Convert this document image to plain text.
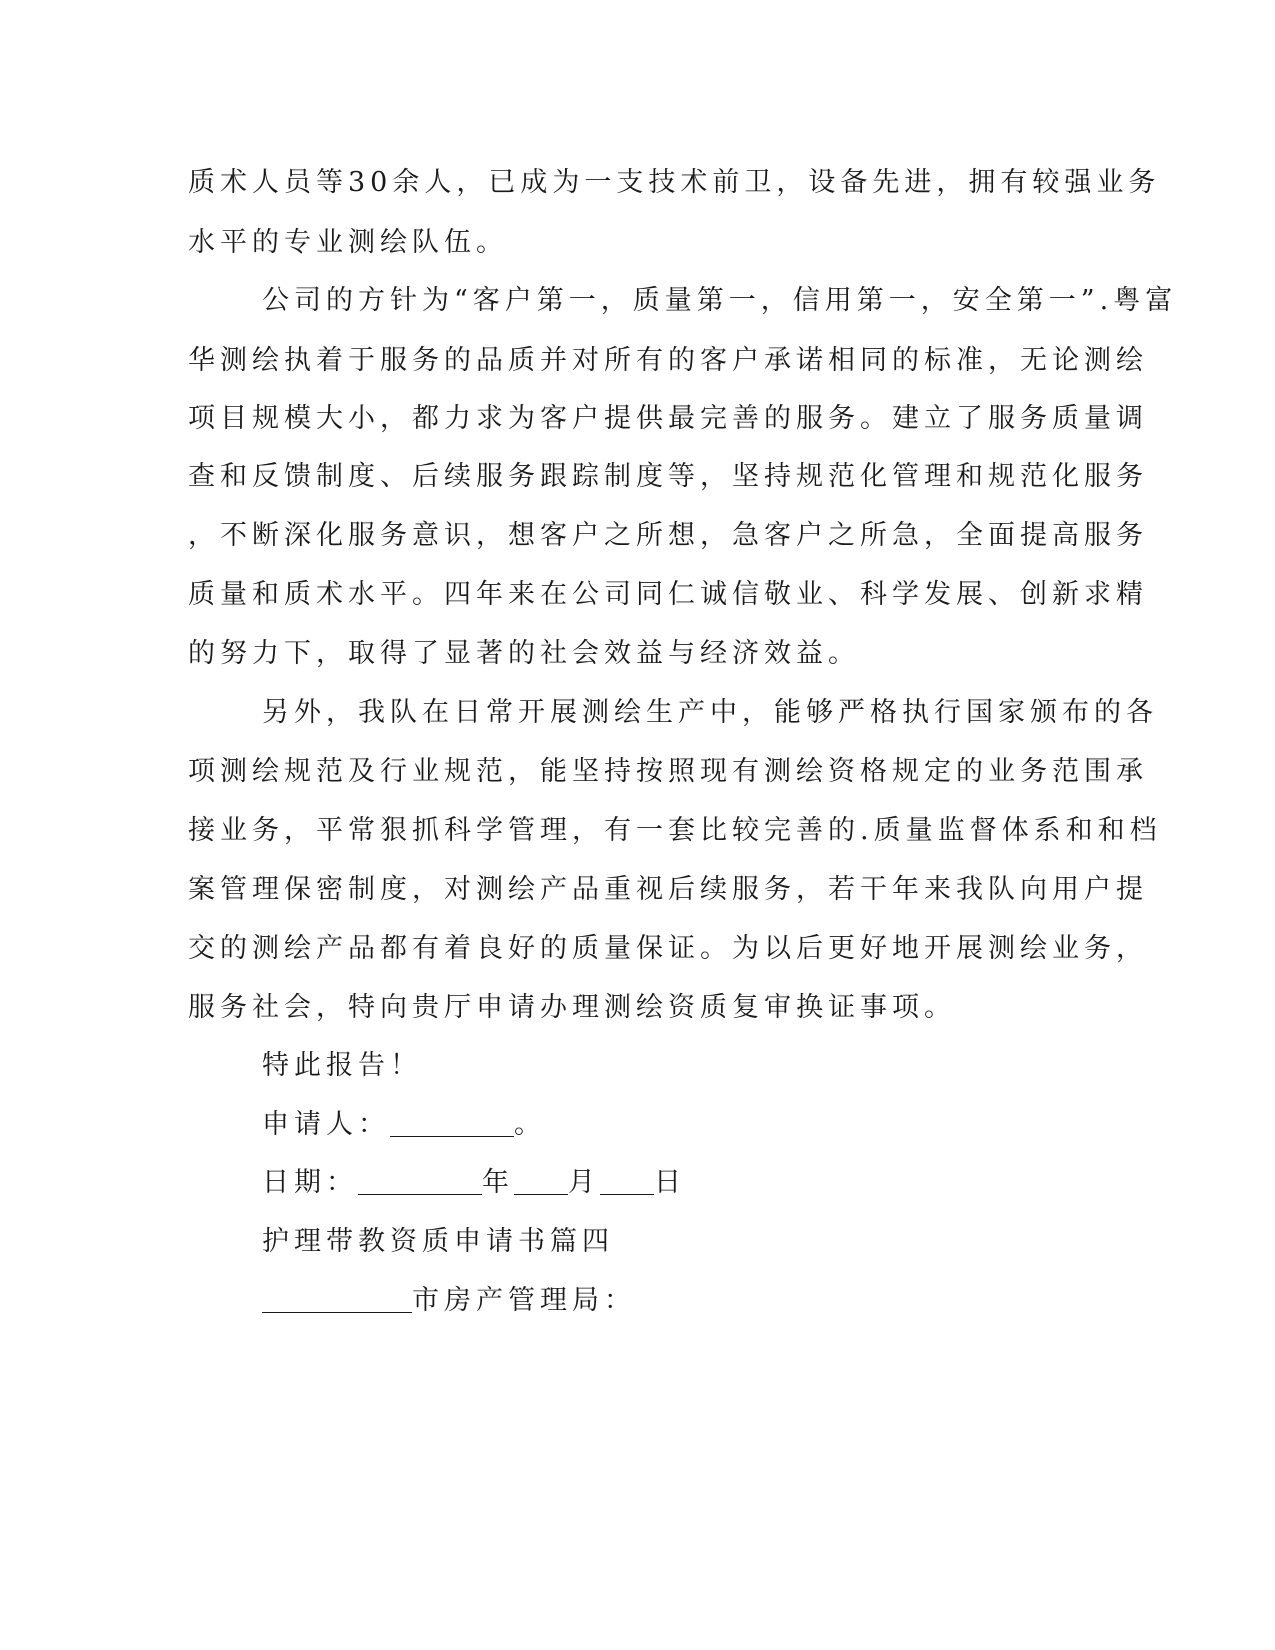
质术人员等30余人，已成为一支技术前卫，设备先进，拥有较强业务
水平的专业测绘队伍。
公司的方针为“客户第一，质量第一，信用第一，安全第一”.粤富
华测绘执着于服务的品质并对所有的客户承诺相同的标准，无论测绘
项目规模大小，都力求为客户提供最完善的服务。建立了服务质量调
查和反馈制度、后续服务跟踪制度等，坚持规范化管理和规范化服务
，不断深化服务意识，想客户之所想，急客户之所急，全面提高服务
质量和质术水平。四年来在公司同仁诚信敬业、科学发展、创新求精
的努力下，取得了显著的社会效益与经济效益。
另外，我队在日常开展测绘生产中，能够严格执行国家颁布的各
项测绘规范及行业规范，能坚持按照现有测绘资格规定的业务范围承
接业务，平常狠抓科学管理，有一套比较完善的.质量监督体系和和档
案管理保密制度，对测绘产品重视后续服务，若干年来我队向用户提
交的测绘产品都有着良好的质量保证。为以后更好地开展测绘业务，
服务社会，特向贵厅申请办理测绘资质复审换证事项。
特此报告！
申请人：	。
日期：	年 月 日
护理带教资质申请书篇四
市房产管理局：
